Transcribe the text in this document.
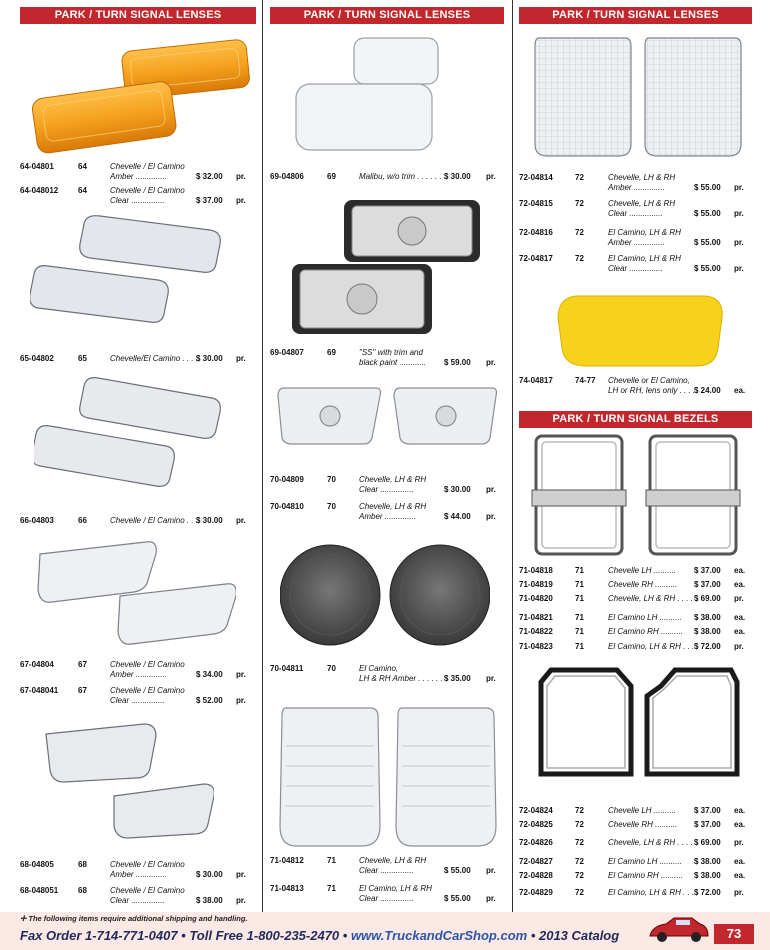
PARK / TURN SIGNAL LENSES
64-04801	64	Chevelle / El Camino
Amber ..............	$ 32.00 pr.
64-048012 64	Chevelle / El Camino
Clear ...............	$ 37.00 pr.
65-04802	65	Chevelle/El Camino . . . .
$ 30.00 pr.
66-04803	66	Chevelle / El Camino . . .
$ 30.00 pr.
67-04804	67	Chevelle / El Camino
Amber ..............	$ 34.00 pr.
67-048041 67	Chevelle / El Camino
Clear ...............	$ 52.00 pr.
68-04805	68	Chevelle / El Camino
Amber ..............	$ 30.00 pr.
68-048051 68	Chevelle / El Camino
Clear ...............	$ 38.00 pr.
PARK / TURN SIGNAL LENSES
69-04806	69	Malibu, w/o trim . . . . . . .
$ 30.00 pr.
69-04807	69	"SS" with trim and
black paint ............ $ 59.00 pr.
70-04809	70	Chevelle, LH & RH
Clear ...............	$ 30.00 pr.
70-04810	70	Chevelle, LH & RH
Amber ..............	$ 44.00 pr.
70-04811	70	El Camino,
LH & RH Amber . . . . . . $ 35.00 pr.
71-04812	71	Chevelle, LH & RH
Clear ...............	$ 55.00 pr.
71-04813	71	El Camino, LH & RH
Clear ...............	$ 55.00 pr.
PARK / TURN SIGNAL LENSES
PARK / TURN SIGNAL BEZELS
72-04814	72	Chevelle, LH & RH
Amber ..............	$ 55.00 pr.
72-04815	72	Chevelle, LH & RH
Clear ...............	$ 55.00 pr.
72-04816	72	El Camino, LH & RH
Amber ..............	$ 55.00 pr.
72-04817	72	El Camino, LH & RH
Clear ...............	$ 55.00 pr.
74-04817	74-77 Chevelle or El Camino,
LH or RH, lens only . . . .
$ 24.00 ea.
71-04818	71	Chevelle LH .......... $ 37.00 ea.
71-04819	71	Chevelle RH .......... $ 37.00 ea.
71-04820	71	Chevelle, LH & RH . . . . $ 69.00 pr.
71-04821	71	El Camino LH .......... $ 38.00 ea.
71-04822	71	El Camino RH .......... $ 38.00 ea.
71-04823	71	El Camino, LH & RH . . . $ 72.00 pr.
72-04824	72	Chevelle LH .......... $ 37.00 ea.
72-04825	72	Chevelle RH .......... $ 37.00 ea.
72-04826	72	Chevelle, LH & RH . . . . $ 69.00 pr.
72-04827	72	El Camino LH .......... $ 38.00 ea.
72-04828	72	El Camino RH .......... $ 38.00 ea.
72-04829	72	El Camino, LH & RH . . . $ 72.00 pr.
✛ The following items require additional shipping and handling.
Fax Order 1-714-771-0407 • Toll Free 1-800-235-2470 • www.TruckandCarShop.com • 2013 Catalog	73
